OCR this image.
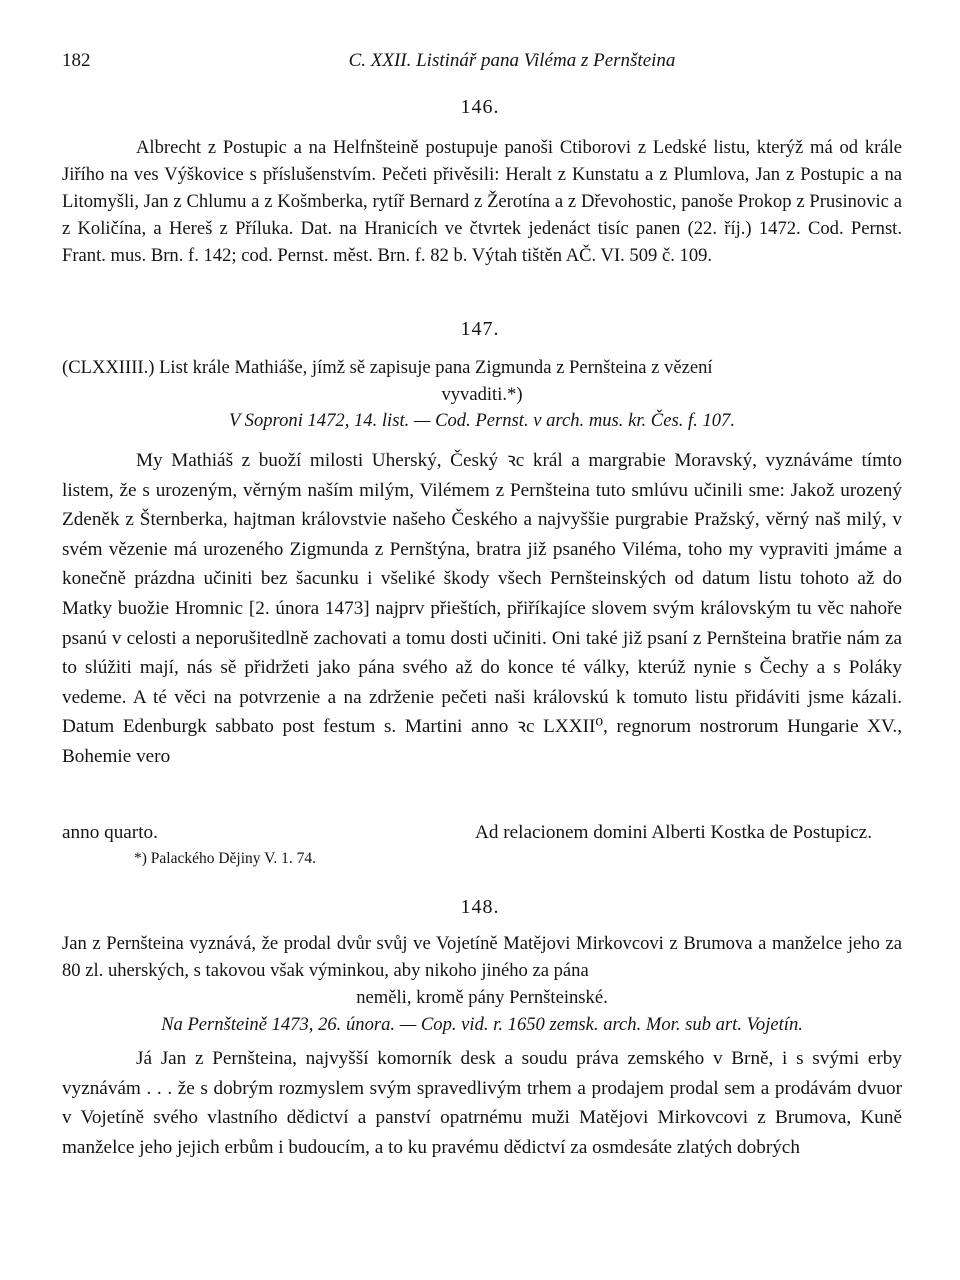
182	C. XXII. Listinář pana Viléma z Pernšteina
146.
Albrecht z Postupic a na Helfnšteině postupuje panoši Ctiborovi z Ledské listu, kterýž má od krále Jiřího na ves Výškovice s příslušenstvím. Pečeti přivěsili: Heralt z Kunstatu a z Plumlova, Jan z Postupic a na Litomyšli, Jan z Chlumu a z Košmberka, rytíř Bernard z Žerotína a z Dřevohostic, panoše Prokop z Prusinovic a z Količína, a Hereš z Příluka. Dat. na Hranicích ve čtvrtek jedenáct tisíc panen (22. říj.) 1472. Cod. Pernst. Frant. mus. Brn. f. 142; cod. Pernst. měst. Brn. f. 82 b. Výtah tištěn AČ. VI. 509 č. 109.
147.
(CLXXIIII.) List krále Mathiáše, jímž sě zapisuje pana Zigmunda z Pernšteina z vězení
vyvaditi.*)
V Soproni 1472, 14. list. — Cod. Pernst. v arch. mus. kr. Čes. f. 107.
My Mathiáš z buoží milosti Uherský, Český ꝛc král a margrabie Moravský, vyznáváme tímto listem, že s urozeným, věrným naším milým, Vilémem z Pernšteina tuto smlúvu učinili sme: Jakož urozený Zdeněk z Šternberka, hajtman královstvie našeho Českého a najvyššie purgrabie Pražský, věrný naš milý, v svém vězenie má urozeného Zigmunda z Pernštýna, bratra již psaného Viléma, toho my vypraviti jmáme a konečně prázdna učiniti bez šacunku i všeliké škody všech Pernšteinských od datum listu tohoto až do Matky buožie Hromnic [2. února 1473] najprv přieštích, přiříkajíce slovem svým královským tu věc nahoře psanú v celosti a neporušitedlně zachovati a tomu dosti učiniti. Oni také již psaní z Pernšteina bratřie nám za to slúžiti mají, nás sě přidržeti jako pána svého až do konce té války, kterúž nynie s Čechy a s Poláky vedeme. A té věci na potvrzenie a na zdrženie pečeti naši královskú k tomuto listu přidáviti jsme kázali. Datum Edenburgk sabbato post festum s. Martini anno ꝛc LXXII⁰, regnorum nostrorum Hungarie XV., Bohemie vero
anno quarto.	Ad relacionem domini Alberti Kostka de Postupicz.
*) Palackého Dějiny V. 1. 74.
148.
Jan z Pernšteina vyznává, že prodal dvůr svůj ve Vojetíně Matějovi Mirkovcovi z Brumova a manželce jeho za 80 zl. uherských, s takovou však výminkou, aby nikoho jiného za pána
neměli, kromě pány Pernšteinské.
Na Pernšteině 1473, 26. února. — Cop. vid. r. 1650 zemsk. arch. Mor. sub art. Vojetín.
Já Jan z Pernšteina, najvyšší komorník desk a soudu práva zemského v Brně, i s svými erby vyznávám . . . že s dobrým rozmyslem svým spravedlivým trhem a prodajem prodal sem a prodávám dvuor v Vojetíně svého vlastního dědictví a panství opatrnému muži Matějovi Mirkovcovi z Brumova, Kuně manželce jeho jejich erbům i budoucím, a to ku pravému dědictví za osmdesáte zlatých dobrých
